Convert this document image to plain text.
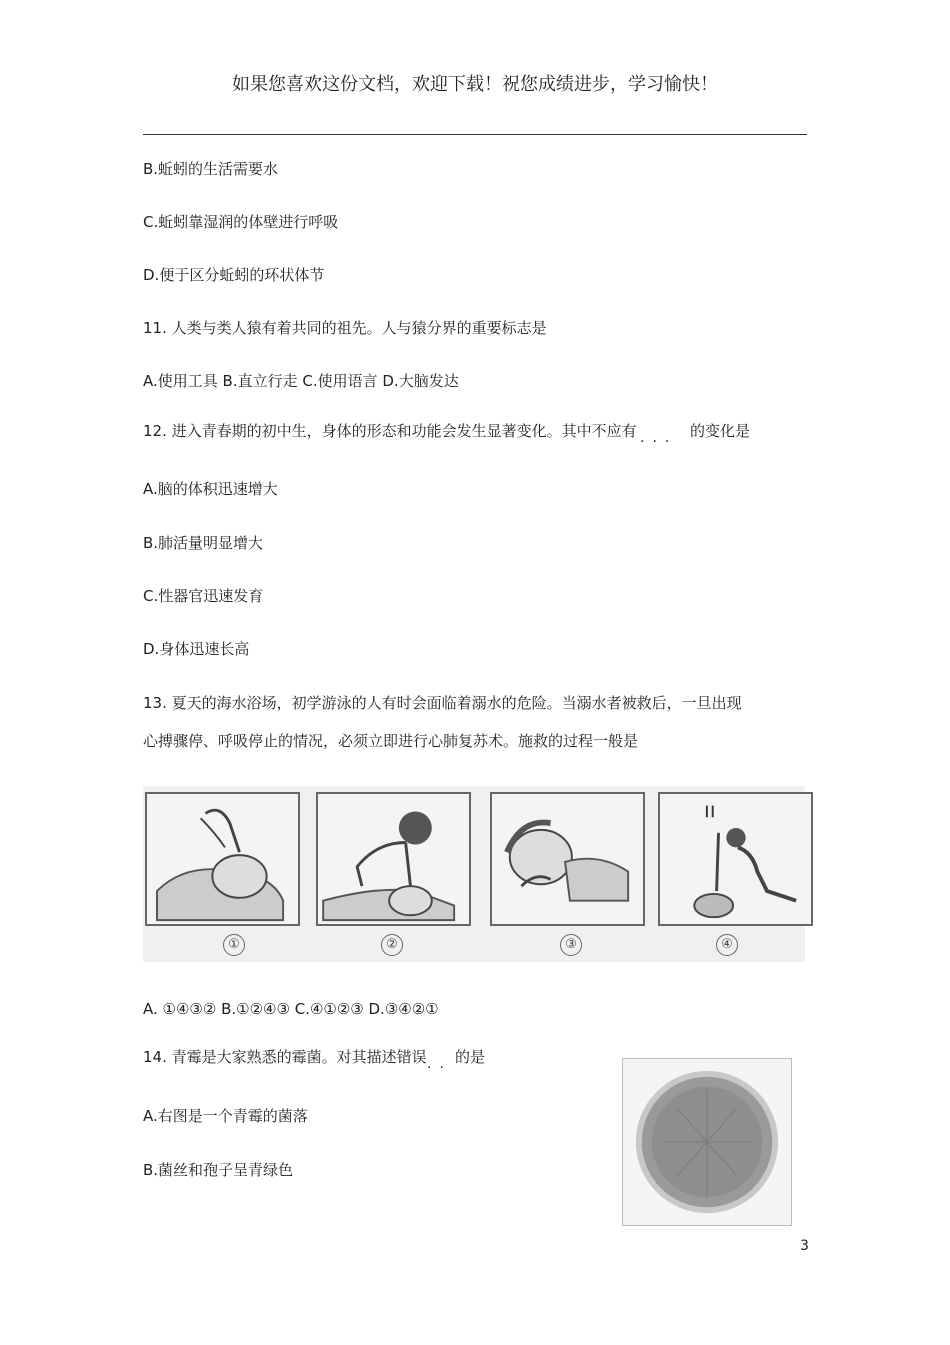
如果您喜欢这份文档，欢迎下载！祝您成绩进步，学习愉快！
B.蚯蚓的生活需要水
C.蚯蚓靠湿润的体壁进行呼吸
D.便于区分蚯蚓的环状体节
11. 人类与类人猿有着共同的祖先。人与猿分界的重要标志是
A.使用工具 B.直立行走 C.使用语言 D.大脑发达
12. 进入青春期的初中生，身体的形态和功能会发生显著变化。其中不应有 ... 的变化是
A.脑的体积迅速增大
B.肺活量明显增大
C.性器官迅速发育
D.身体迅速长高
13. 夏天的海水浴场，初学游泳的人有时会面临着溺水的危险。当溺水者被救后，一旦出现
心搏骤停、呼吸停止的情况，必须立即进行心肺复苏术。施救的过程一般是
①	②	③	④
A. ①④③② B.①②④③ C.④①②③ D.③④②①
14. 青霉是大家熟悉的霉菌。对其描述错误 .. 的是
A.右图是一个青霉的菌落
B.菌丝和孢子呈青绿色
3
